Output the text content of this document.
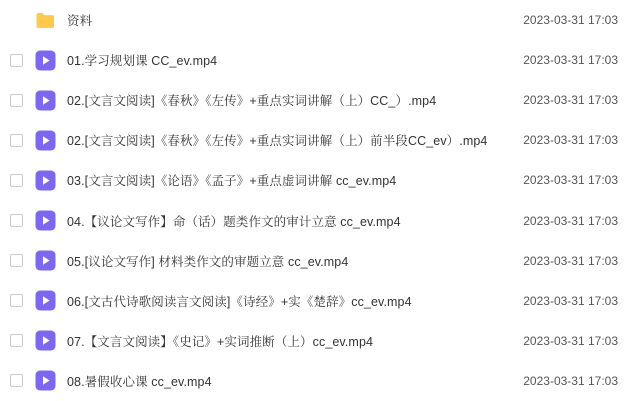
资料	2023-03-31 17:03
01.学习规划课 CC_ev.mp4	2023-03-31 17:03
02.[文言文阅读]《春秋》《左传》+重点实词讲解（上）CC_）.mp4	2023-03-31 17:03
02.[文言文阅读]《春秋》《左传》+重点实词讲解（上）前半段CC_ev）.mp4	2023-03-31 17:03
03.[文言文阅读]《论语》《孟子》+重点虚词讲解 cc_ev.mp4	2023-03-31 17:03
04.【议论文写作】命（话）题类作文的审计立意 cc_ev.mp4	2023-03-31 17:03
05.[议论文写作] 材料类作文的审题立意 cc_ev.mp4	2023-03-31 17:03
06.[文古代诗歌阅读言文阅读]《诗经》+实《楚辞》cc_ev.mp4	2023-03-31 17:03
07.【文言文阅读】《史记》+实词推断（上）cc_ev.mp4	2023-03-31 17:03
08.暑假收心课 cc_ev.mp4	2023-03-31 17:03
